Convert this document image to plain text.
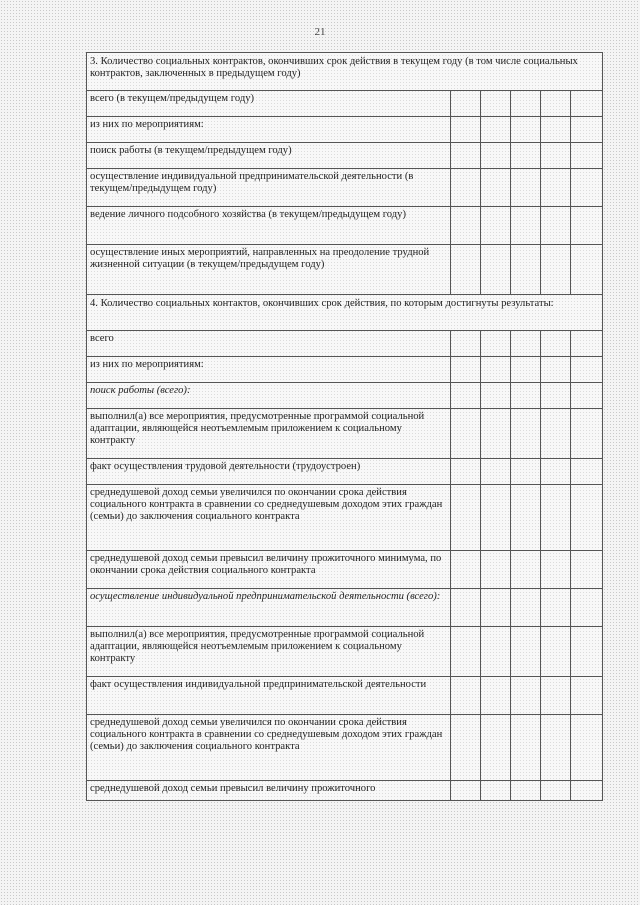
21
3. Количество социальных контрактов, окончивших срок действия в текущем году (в том числе социальных контрактов, заключенных в предыдущем году)					
всего (в текущем/предыдущем году)					
из них по мероприятиям:					
поиск работы (в текущем/предыдущем году)					
осуществление индивидуальной предпринимательской деятельности (в текущем/предыдущем году)					
ведение личного подсобного хозяйства (в текущем/предыдущем году)					
осуществление иных мероприятий, направленных на преодоление трудной жизненной ситуации (в текущем/предыдущем году)					
4. Количество социальных контактов, окончивших срок действия, по которым достигнуты результаты:					
всего					
из них по мероприятиям:					
поиск работы (всего):					
выполнил(а) все мероприятия, предусмотренные программой социальной адаптации, являющейся неотъемлемым приложением к социальному контракту					
факт осуществления трудовой деятельности (трудоустроен)					
среднедушевой доход семьи увеличился по окончании срока действия социального контракта в сравнении со среднедушевым доходом этих граждан (семьи) до заключения социального контракта					
среднедушевой доход семьи превысил величину прожиточного минимума, по окончании срока действия социального контракта					
осуществление индивидуальной предпринимательской деятельности (всего):					
выполнил(а) все мероприятия, предусмотренные программой социальной адаптации, являющейся неотъемлемым приложением к социальному контракту					
факт осуществления индивидуальной предпринимательской деятельности					
среднедушевой доход семьи увеличился по окончании срока действия социального контракта в сравнении со среднедушевым доходом этих граждан (семьи) до заключения социального контракта					
среднедушевой доход семьи превысил величину прожиточного					
